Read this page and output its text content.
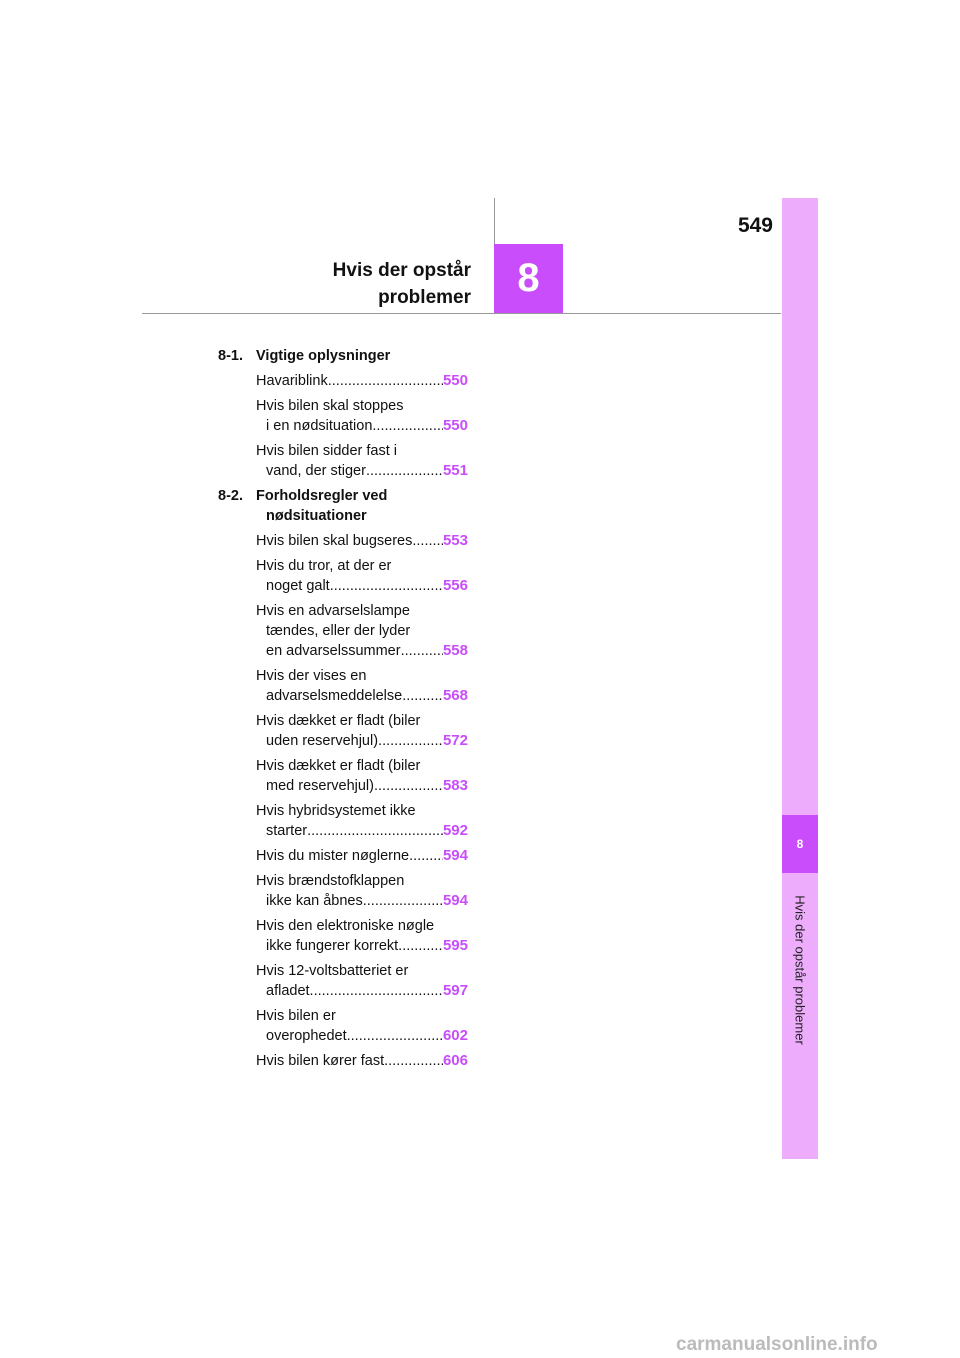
549
Hvis der opstår
problemer	8
8
Hvis der opstår problemer
8-1. Vigtige oplysninger
Havariblink .....	550
Hvis bilen skal stoppes
i en nødsituation .....	550
Hvis bilen sidder fast i
vand, der stiger .....	551
8-2. Forholdsregler ved
nødsituationer
Hvis bilen skal bugseres ..... 553
Hvis du tror, at der er
noget galt .....	556
Hvis en advarselslampe
tændes, eller der lyder
en advarselssummer .....	558
Hvis der vises en
advarselsmeddelelse .....	568
Hvis dækket er fladt (biler
uden reservehjul) .....	572
Hvis dækket er fladt (biler
med reservehjul) .....	583
Hvis hybridsystemet ikke
starter .....	592
Hvis du mister nøglerne ..... 594
Hvis brændstofklappen
ikke kan åbnes .....	594
Hvis den elektroniske nøgle
ikke fungerer korrekt .....	595
Hvis 12-voltsbatteriet er
afladet .....	597
Hvis bilen er
overophedet .....	602
Hvis bilen kører fast .....	606
carmanualsonline.info
